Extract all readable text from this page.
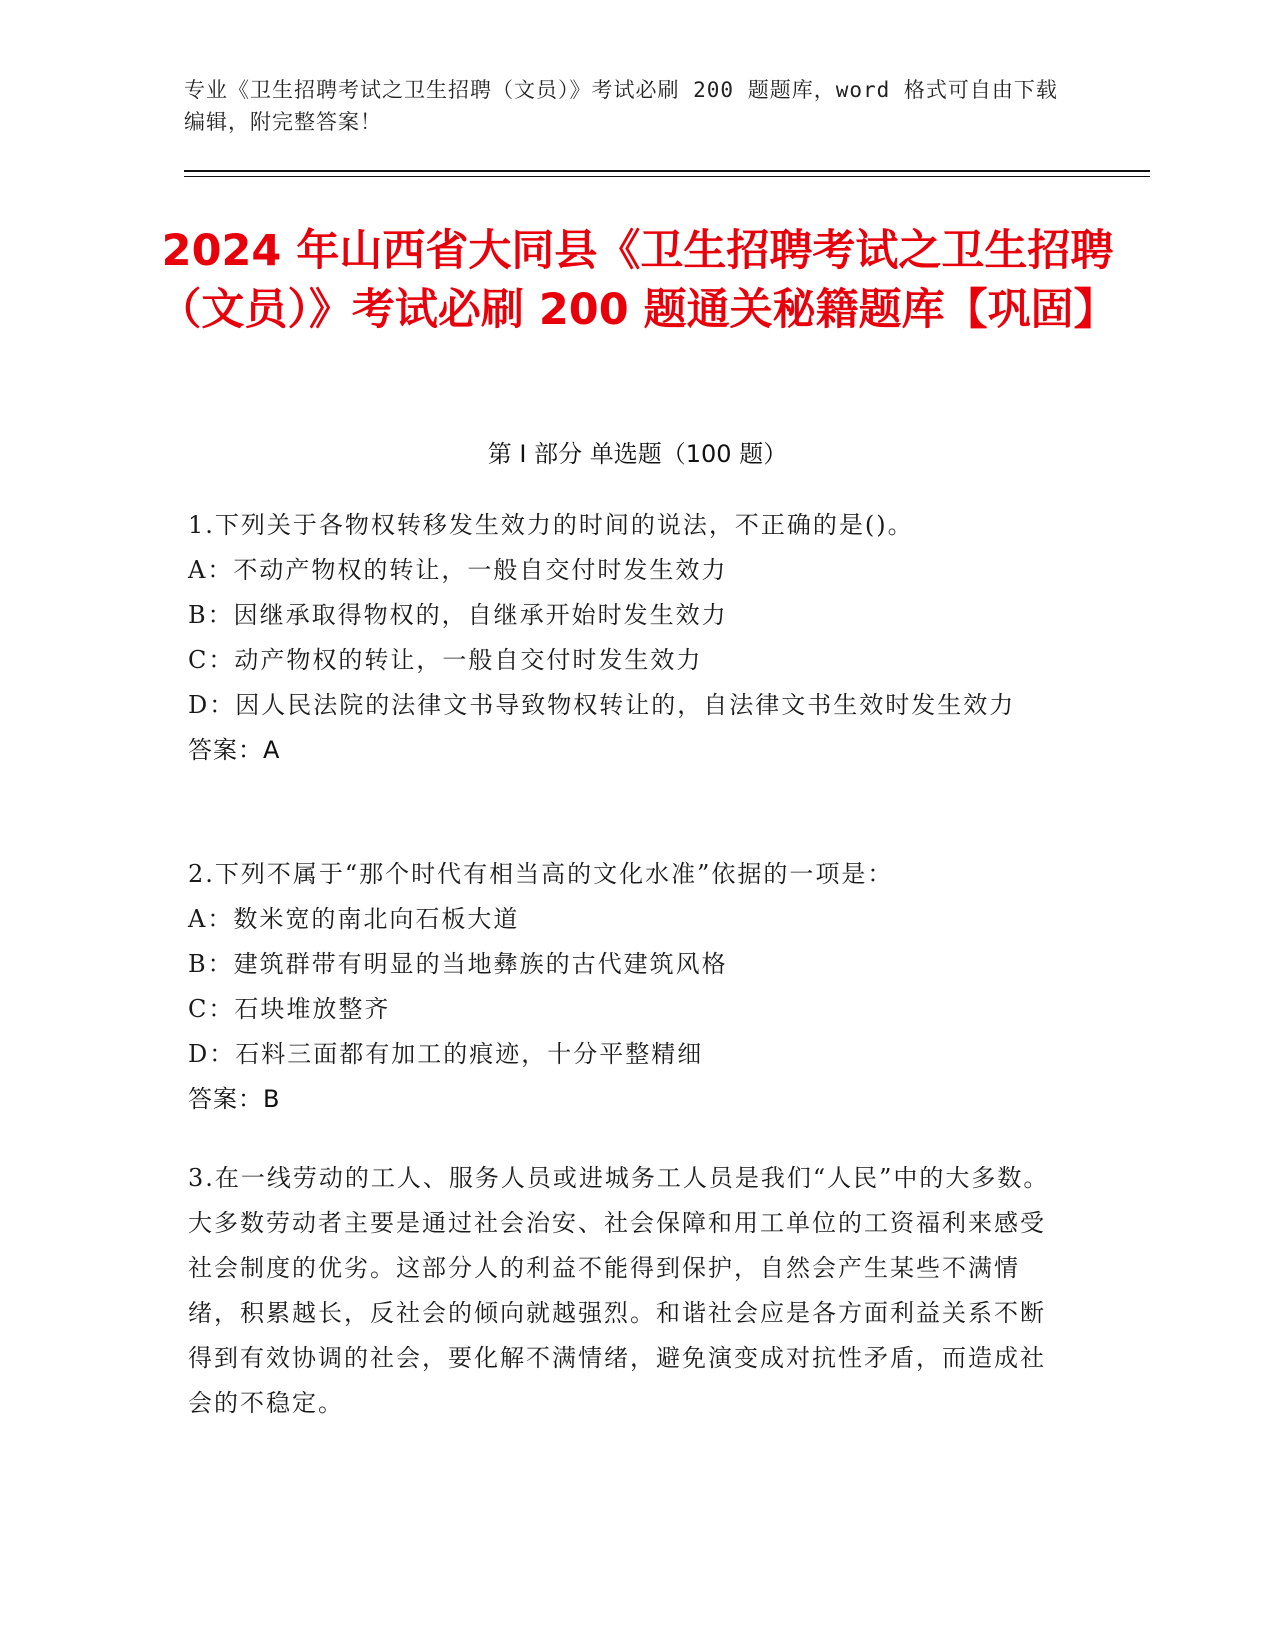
专业《卫生招聘考试之卫生招聘（文员）》考试必刷 200 题题库，word 格式可自由下载编辑，附完整答案！
2024 年山西省大同县《卫生招聘考试之卫生招聘（文员）》考试必刷 200 题通关秘籍题库【巩固】
第 I 部分 单选题（100 题）
1.下列关于各物权转移发生效力的时间的说法，不正确的是()。
A：不动产物权的转让，一般自交付时发生效力
B：因继承取得物权的，自继承开始时发生效力
C：动产物权的转让，一般自交付时发生效力
D：因人民法院的法律文书导致物权转让的，自法律文书生效时发生效力
答案：A
2.下列不属于“那个时代有相当高的文化水准”依据的一项是：
A：数米宽的南北向石板大道
B：建筑群带有明显的当地彝族的古代建筑风格
C：石块堆放整齐
D：石料三面都有加工的痕迹，十分平整精细
答案：B
3.在一线劳动的工人、服务人员或进城务工人员是我们“人民”中的大多数。大多数劳动者主要是通过社会治安、社会保障和用工单位的工资福利来感受社会制度的优劣。这部分人的利益不能得到保护，自然会产生某些不满情绪，积累越长，反社会的倾向就越强烈。和谐社会应是各方面利益关系不断得到有效协调的社会，要化解不满情绪，避免演变成对抗性矛盾，而造成社会的不稳定。
